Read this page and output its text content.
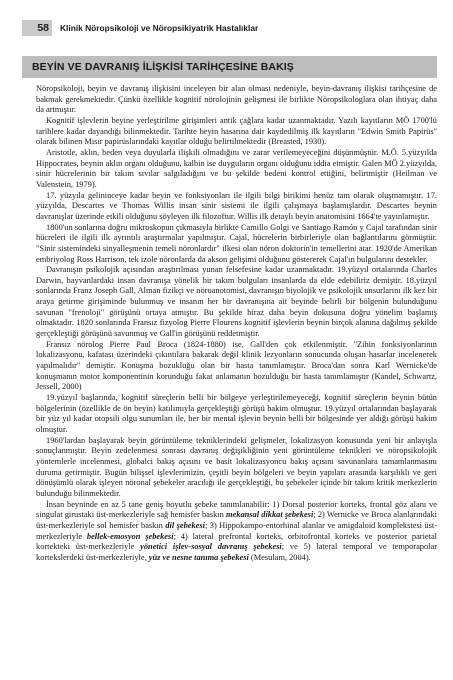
58	Klinik Nöropsikoloji ve Nöropsikiyatrik Hastalıklar
BEYİN VE DAVRANIŞ İLİŞKİSİ TARİHÇESİNE BAKIŞ

Nöropsikoloji, beyin ve davranış ilişkisini inceleyen bir alan olması nedeniyle, beyin-davranış ilişkisi tarihçesine de bakmak gerekmektedir. Çünkü özellikle kognitif nörolojinin gelişmesi ile birlikte Nöropsikologlara olan ihtiyaç daha da artmıştır.

Kognitif işlevlerin beyine yerleştirilme girişimleri antik çağlara kadar uzanmaktadır. Yazılı kayıtların MÖ 1700'lü tarihlere kadar dayandığı bilinmektedir. Tarihte beyin hasarına dair kaydedilmiş ilk kayıtların "Edwin Smith Papirüs" olarak bilinen Mısır papirüslarındaki kayıtlar olduğu belirtilmektedir (Breasted, 1930).

Aristotle, aklın, beden veya duyularla ilişkili olmadığını ve zarar verilemeyeceğini düşünmüştür. M.Ö. 5.yüzyılda Hippocrates, beynin aklın organı olduğunu, kalbin ise duyguların organı olduğunu iddia etmiştir. Galen MÖ 2.yüzyılda, sinir hücrelerinin bir takım sıvılar salgıladığını ve bu şekilde bedeni kontrol ettiğini, belirtmiştir (Heilman ve Valenstein, 1979).

17. yüzyıla gelininceye kadar beyin ve fonksiyonları ile ilgili bilgi birikimi henüz tam olarak oluşmamıştır. 17. yüzyılda, Descartes ve Thomas Willis insan sinir sistemi ile ilgili çalışmaya başlamışlardır. Descartes beynin davranışlar üzerinde etkili olduğunu söyleyen ilk filozoftur. Willis ilk detaylı beyin anatomisini 1664'te yayınlamıştır.

1800'un sonlarına doğru mikroskopun çıkmasıyla birlikte Camillo Golgi ve Santiago Ramón y Cajal tarafından sinir hücreleri ile ilgili ilk ayrıntılı araştırmalar yapılmıştır. Cajal, hücrelerin birbirleriyle olan bağlantılarını görmüştür. "Sinir sistemindeki sinyalleşmenin temeli nöronlardır" ilkesi olan nöron doktorin'in temellerini atar. 1920'de Amerikan embriyolog Ross Harrison, tek izole nöronlarda da akson gelişimi olduğunu göstererek Cajal'ın bulgularını destekler.

Davranışın psikolojik açısından araştırılması yunan felsefesine kadar uzanmaktadır. 19.yüzyıl ortalarında Charles Darwin, hayvanlardaki insan davranışa yönelik bir takım bulguları insanlarda da elde edebiliriz demiştir. 18.yüzyıl sonlarında Franz Joseph Gall, Alman fizikçi ve nöroanotomist, davranışın biyolojik ve psikolojik unsurlarını ilk kez bir araya getirme girişiminde bulunmuş ve insanın her bir davranışına ait beyinde belirli bir bölgenin bulunduğunu savunan "frenoloji" görüşünü ortaya atmıştır. Bu şekilde biraz daha beyin dokusuna doğru yönelim başlamış olmaktadır. 1820 sonlarında Fransız fizyolog Pierre Flourens kognitif işlevlerin beynin birçok alanına dağılmış şekilde gerçekleştiği görüşünü savunmuş ve Gall'in görüşünü reddetmiştir.

Fransız nörolog Pierre Paul Broca (1824-1880) ise, Gall'den çok etkilenmiştir. "Zihin fonksiyonlarının lokalizasyonu, kafatası üzerindeki çıkıntılara bakarak değil klinik lezyonların sonucunda oluşan hasarlar incelenerek yapılmalıdır" demiştir. Konuşma bozukluğu olan bir hasta tanımlamıştır. Broca'dan sonra Karl Wernicke'de konuşmanın motor komponentinin korunduğu fakat anlamanın bozulduğu bir hasta tanımlamıştır (Kandel, Schwartz, Jessell, 2000)

19.yüzyıl başlarında, kognitif süreçlerin belli bir bölgeye yerleştirilemeyeceği, kognitif süreçlerin beynin bütün bölgelerinin (özellikle de ön beyin) katılımıyla gerçekleştiği görüşü hakim olmuştur. 19.yüzyıl ortalarından başlayarak bir yüz yıl kadar otopsili olgu sunumları ile, her bir mental işlevin beynin belli bir bölgesinde yer aldığı görüşü hakim olmuştur.

1960'lardan başlayarak beyin görüntüleme tekniklerindeki gelişmeler, lokalizasyon konusunda yeni bir anlayışla sonuçlanmıştır. Beyin zedelenmesi sonrası davranış değişikliğinin yeni görüntüleme teknikleri ve nöropsikolojik yöntemlerle incelenmesi, globalci bakış açısını ve basit lokalizasyoncu bakış açısını savunanlara tamamlanmasını duruma getirmiştir. Bugün bilişsel işlevlerimizin, çeşitli beyin bölgeleri ve beyin yapıları arasında karşılıklı ve geri dönüşümlü olarak işleyen nöronal şebekeler aracılığı ile gerçekleştiği, bu şebekeler içinde bir takım kritik merkezlerin bulunduğu bilinmektedir.

İnsan beyninde en az 5 tane geniş boyutlu şebeke tanımlanabilir: 1) Dorsal posterior korteks, frontal göz alanı ve singulat girustaki üst-merkezleriyle sağ hemisfer baskın mekansal dikkat şebekesi; 2) Wernicke ve Broca alanlarındaki üst-merkezleriyle sol hemisfer baskın dil şebekesi; 3) Hippokampo-entorhinal alanlar ve amigdaloid komplekstesi üst-merkezleriyle bellek-emosyon şebekesi; 4) lateral prefrontal korteks, orbitofrontal korteks ve posterior parietal kortekteki üst-merkezleriyle yönetici işlev-sosyal davranış şebekesi; ve 5) lateral temporal ve temporapolar kortekslerdeki üst-merkezleriyle, yüz ve nesne tanıma şebekesi (Mesulam, 2004).
